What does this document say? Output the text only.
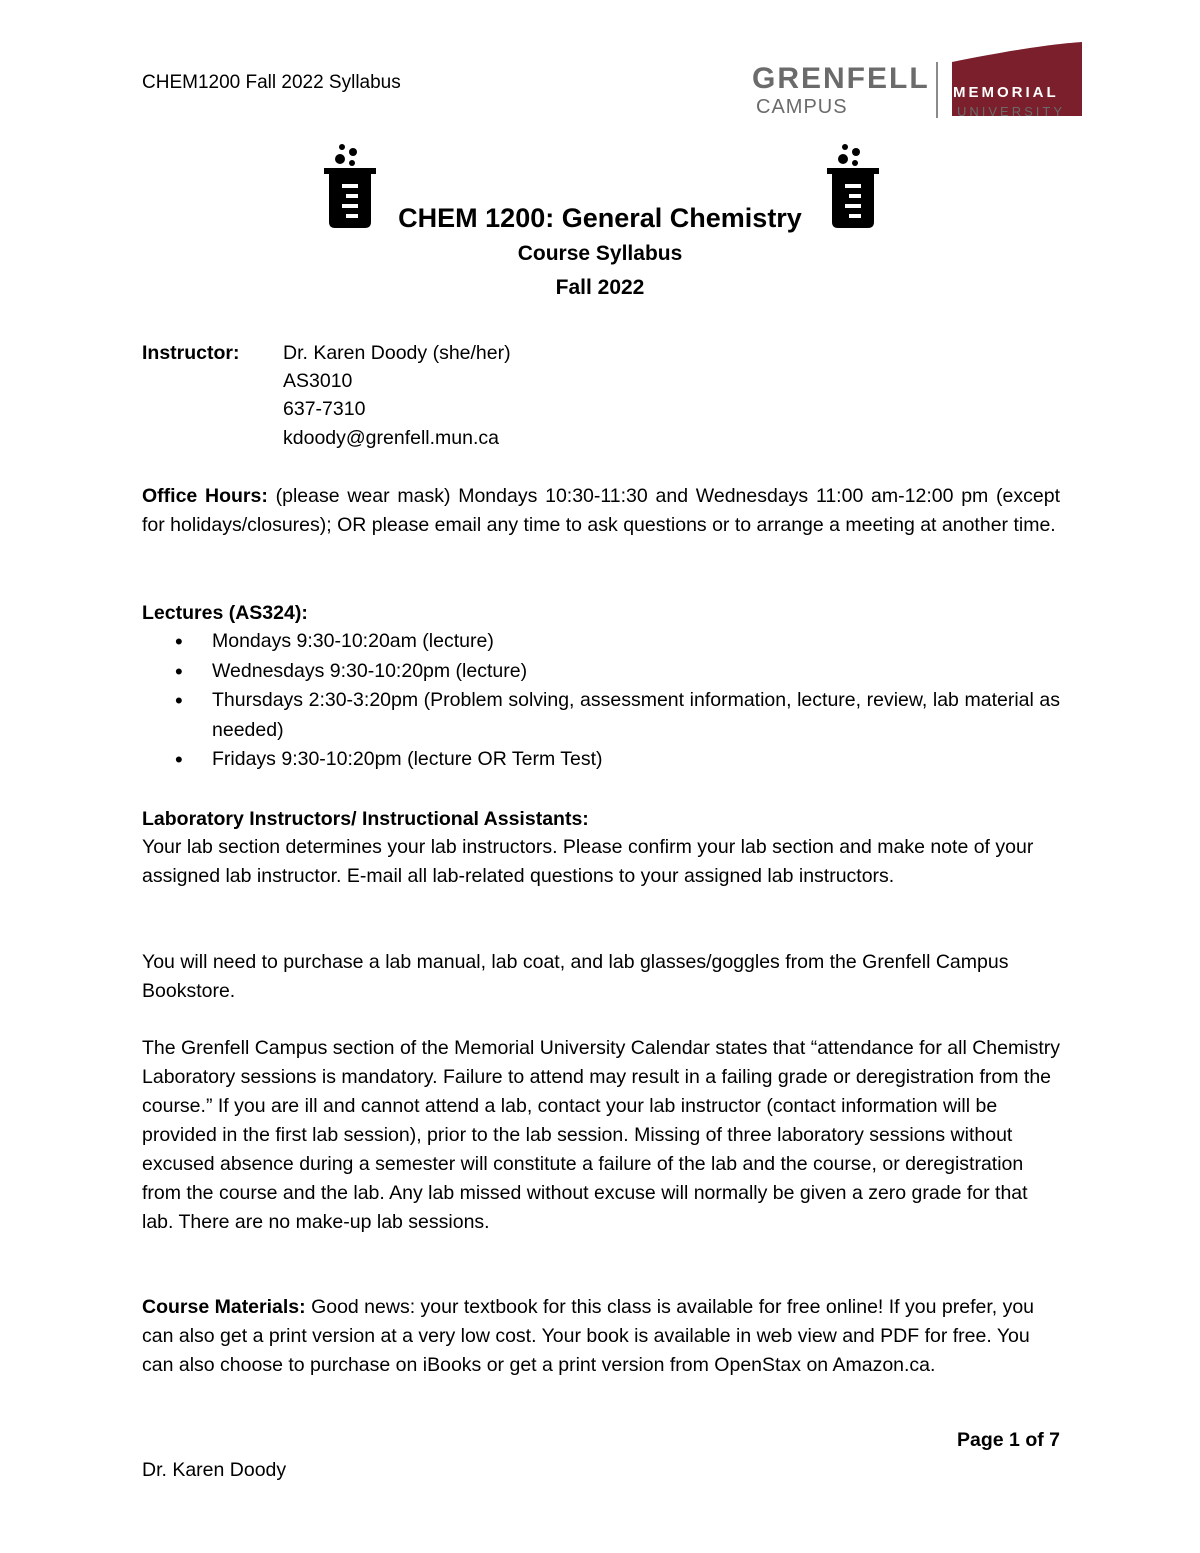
CHEM1200 Fall 2022 Syllabus	GRENFELL
CAMPUS
MEMORIAL
UNIVERSITY
CHEM 1200: General Chemistry
Course Syllabus
Fall 2022
Instructor: Dr. Karen Doody (she/her)
AS3010
637-7310
kdoody@grenfell.mun.ca
Office Hours: (please wear mask) Mondays 10:30-11:30 and Wednesdays 11:00 am-12:00 pm (except for holidays/closures); OR please email any time to ask questions or to arrange a meeting at another time.
Lectures (AS324):
• Mondays 9:30-10:20am (lecture)
• Wednesdays 9:30-10:20pm (lecture)
• Thursdays 2:30-3:20pm (Problem solving, assessment information, lecture, review, lab material as needed)
• Fridays 9:30-10:20pm (lecture OR Term Test)
Laboratory Instructors/ Instructional Assistants:
Your lab section determines your lab instructors. Please confirm your lab section and make note of your assigned lab instructor. E-mail all lab-related questions to your assigned lab instructors.
You will need to purchase a lab manual, lab coat, and lab glasses/goggles from the Grenfell Campus Bookstore.
The Grenfell Campus section of the Memorial University Calendar states that “attendance for all Chemistry Laboratory sessions is mandatory. Failure to attend may result in a failing grade or deregistration from the course.” If you are ill and cannot attend a lab, contact your lab instructor (contact information will be provided in the first lab session), prior to the lab session. Missing of three laboratory sessions without excused absence during a semester will constitute a failure of the lab and the course, or deregistration from the course and the lab. Any lab missed without excuse will normally be given a zero grade for that lab. There are no make-up lab sessions.
Course Materials: Good news: your textbook for this class is available for free online! If you prefer, you can also get a print version at a very low cost. Your book is available in web view and PDF for free. You can also choose to purchase on iBooks or get a print version from OpenStax on Amazon.ca.
Page 1 of 7
Dr. Karen Doody
